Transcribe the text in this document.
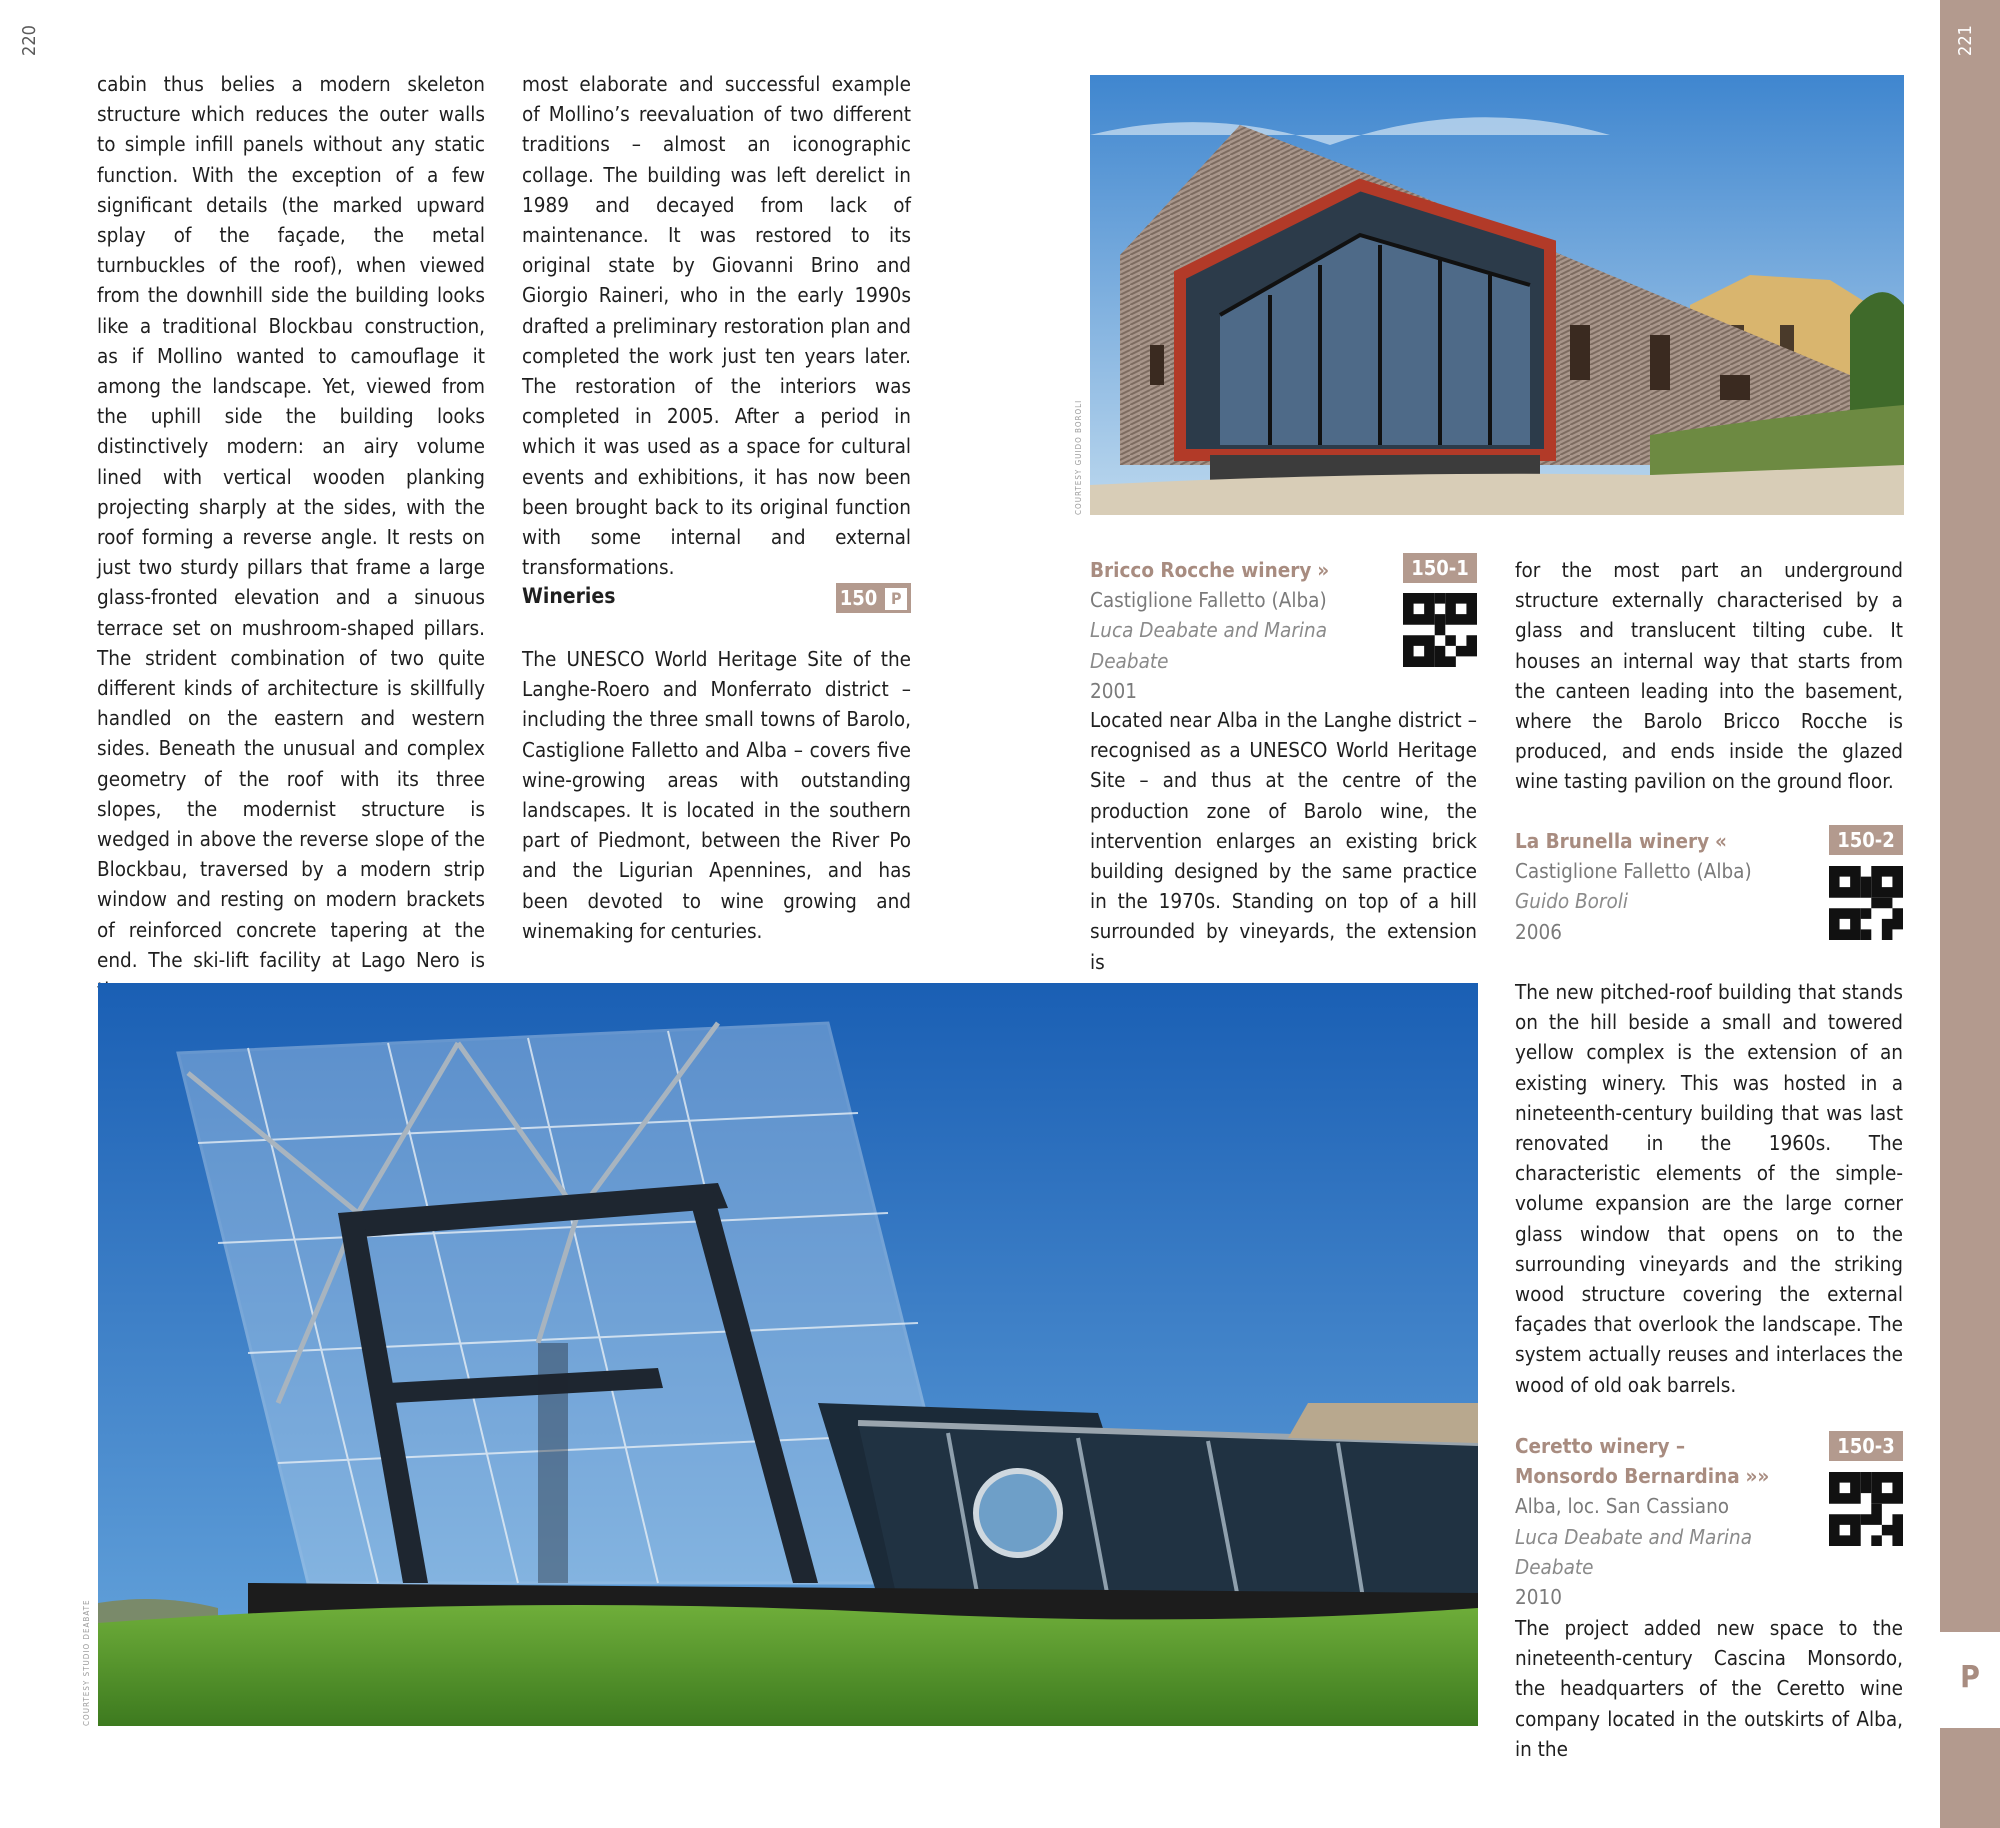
220	221
P

cabin thus belies a modern skeleton structure which reduces the outer walls to simple infill panels without any static function. With the exception of a few significant details (the marked upward splay of the façade, the metal turnbuckles of the roof), when viewed from the downhill side the building looks like a traditional Blockbau construction, as if Mollino wanted to camouflage it among the landscape. Yet, viewed from the uphill side the building looks distinctively modern: an airy volume lined with vertical wooden planking projecting sharply at the sides, with the roof forming a reverse angle. It rests on just two sturdy pillars that frame a large glass-fronted elevation and a sinuous terrace set on mushroom-shaped pillars. The strident combination of two quite different kinds of architecture is skillfully handled on the eastern and western sides. Beneath the unusual and complex geometry of the roof with its three slopes, the modernist structure is wedged in above the reverse slope of the Blockbau, traversed by a modern strip window and resting on modern brackets of reinforced concrete tapering at the end. The ski-lift facility at Lago Nero is

most elaborate and successful example of Mollino’s reevaluation of two different traditions – almost an iconographic collage. The building was left derelict in 1989 and decayed from lack of maintenance. It was restored to its original state by Giovanni Brino and Giorgio Raineri, who in the early 1990s drafted a preliminary restoration plan and completed the work just ten years later. The restoration of the interiors was completed in 2005. After a period in which it was used as a space for cultural events and exhibitions, it has now been been brought back to its original function with some internal and external transformations.

Wineries	150 P

The UNESCO World Heritage Site of the Langhe-Roero and Monferrato district – including the three small towns of Barolo, Castiglione Falletto and Alba – covers five wine-growing areas with outstanding landscapes. It is located in the southern part of Piedmont, between the River Po and the Ligurian Apennines, and has been devoted to wine growing and winemaking for centuries.

COURTESY GUIDO BOROLI
Bricco Rocche winery »
Castiglione Falletto (Alba)
Luca Deabate and Marina Deabate
2001
150-1

Located near Alba in the Langhe district – recognised as a UNESCO World Heritage Site – and thus at the centre of the production zone of Barolo wine, the intervention enlarges an existing brick building designed by the same practice in the 1970s. Standing on top of a hill surrounded by vineyards, the extension is

for the most part an underground structure externally characterised by a glass and translucent tilting cube. It houses an internal way that starts from the canteen leading into the basement, where the Barolo Bricco Rocche is produced, and ends inside the glazed wine tasting pavilion on the ground floor.

La Brunella winery «
Castiglione Falletto (Alba)
Guido Boroli
2006
150-2

The new pitched-roof building that stands on the hill beside a small and towered yellow complex is the extension of an existing winery. This was hosted in a nineteenth-century building that was last renovated in the 1960s. The characteristic elements of the simple-volume expansion are the large corner glass window that opens on to the surrounding vineyards and the striking wood structure covering the external façades that overlook the landscape. The system actually reuses and interlaces the wood of old oak barrels.

Ceretto winery –
Monsordo Bernardina »»
Alba, loc. San Cassiano
Luca Deabate and Marina Deabate
2010
150-3

The project added new space to the nineteenth-century Cascina Monsordo, the headquarters of the Ceretto wine company located in the outskirts of Alba, in the

COURTESY STUDIO DEABATE
